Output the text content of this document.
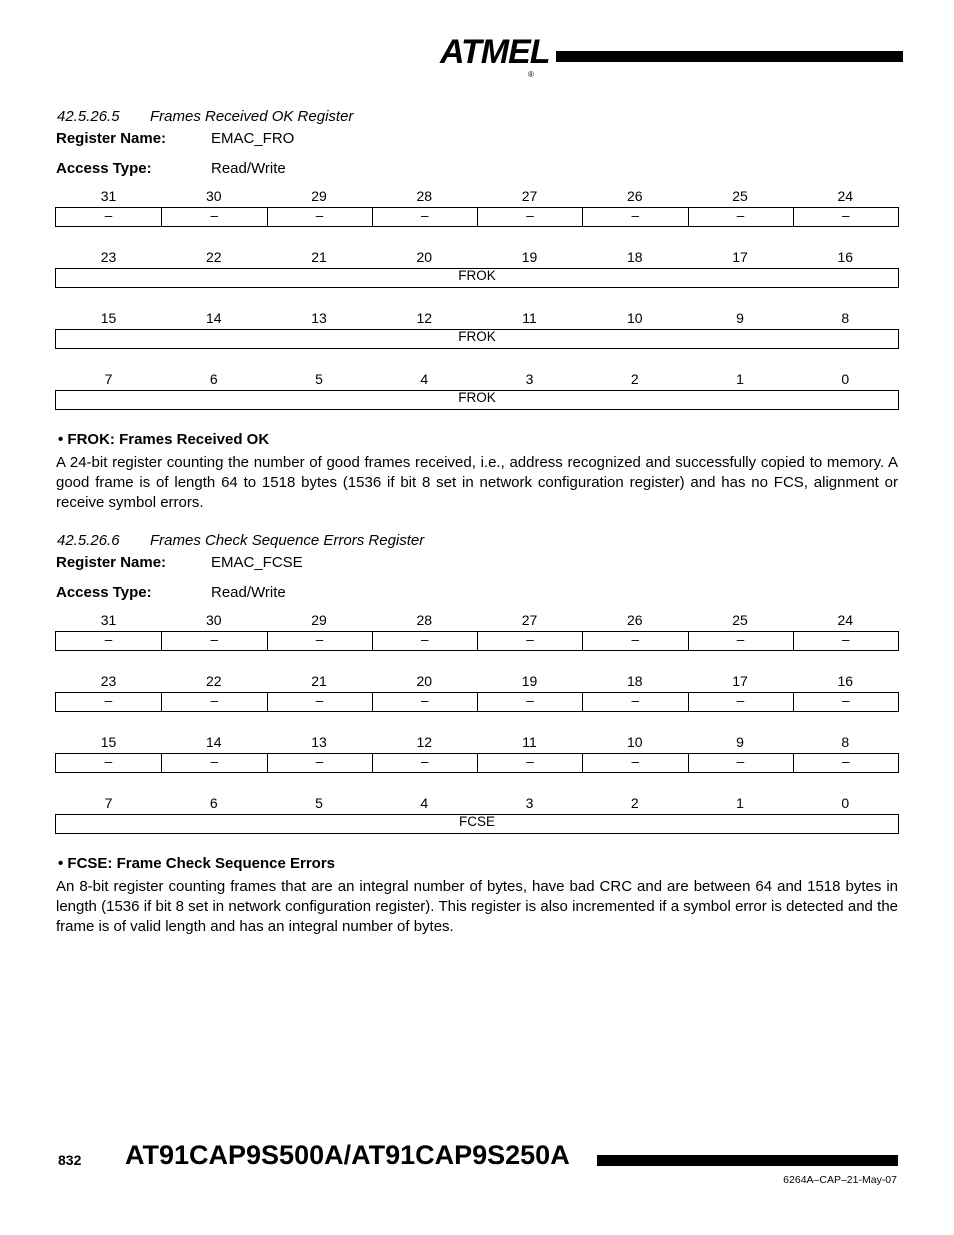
ATMEL
®
42.5.26.5 Frames Received OK Register
Register Name:	EMAC_FRO
Access Type:	Read/Write
31	30	29	28	27	26	25	24
–	–	–	–	–	–	–	–
23	22	21	20	19	18	17	16
FROK
15	14	13	12	11	10	9	8
FROK
7	6	5	4	3	2	1	0
FROK
• FROK: Frames Received OK
A 24-bit register counting the number of good frames received, i.e., address recognized and successfully copied to memory. A good frame is of length 64 to 1518 bytes (1536 if bit 8 set in network configuration register) and has no FCS, alignment or receive symbol errors.
42.5.26.6 Frames Check Sequence Errors Register
Register Name:	EMAC_FCSE
Access Type:	Read/Write
31	30	29	28	27	26	25	24
–	–	–	–	–	–	–	–
23	22	21	20	19	18	17	16
–	–	–	–	–	–	–	–
15	14	13	12	11	10	9	8
–	–	–	–	–	–	–	–
7	6	5	4	3	2	1	0
FCSE
• FCSE: Frame Check Sequence Errors
An 8-bit register counting frames that are an integral number of bytes, have bad CRC and are between 64 and 1518 bytes in length (1536 if bit 8 set in network configuration register). This register is also incremented if a symbol error is detected and the frame is of valid length and has an integral number of bytes.
832 AT91CAP9S500A/AT91CAP9S250A
6264A–CAP–21-May-07
